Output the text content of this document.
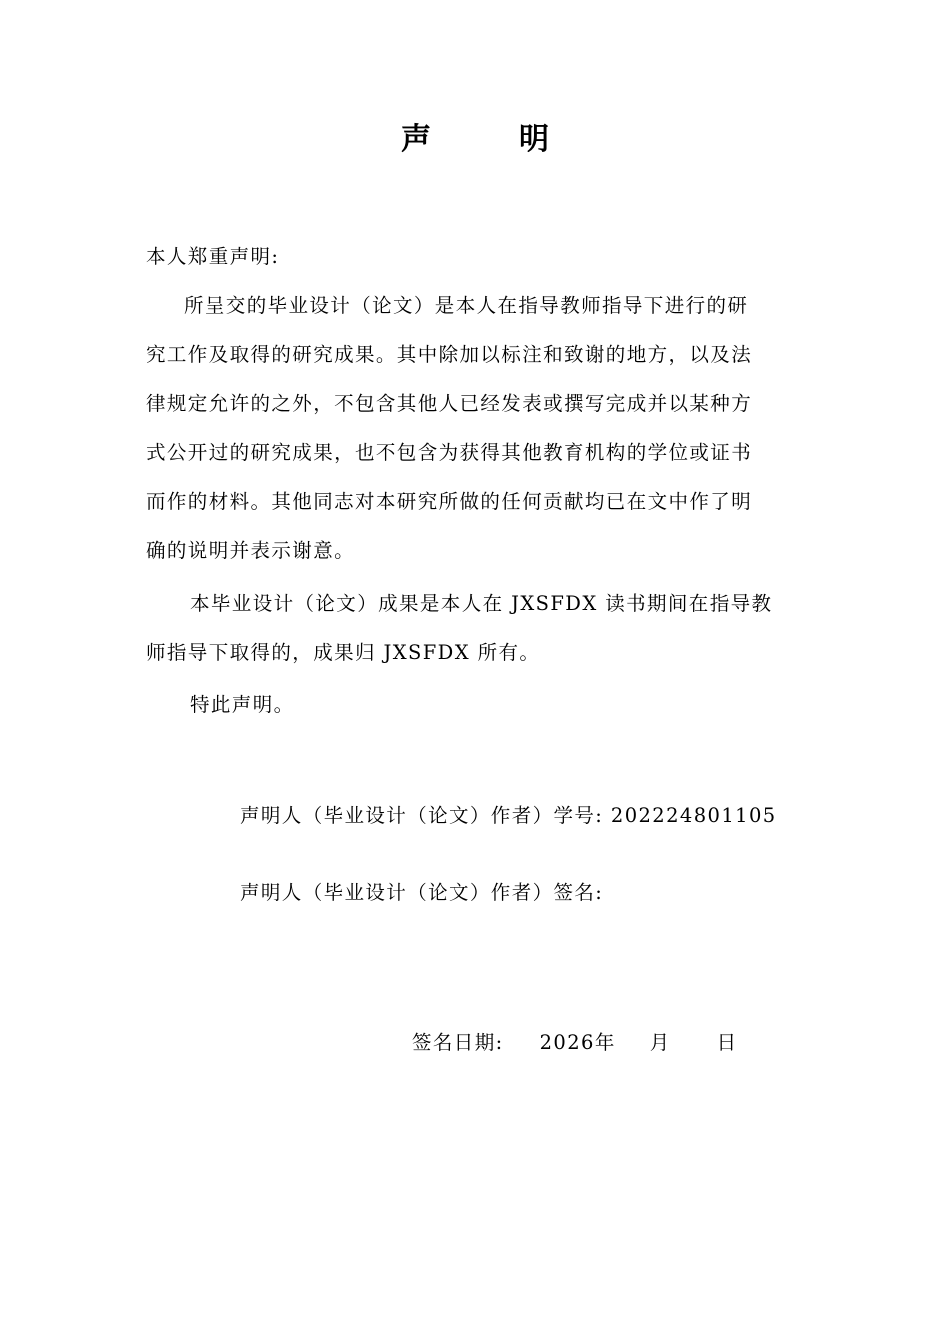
声	明
本人郑重声明:
所呈交的毕业设计（论文）是本人在指导教师指导下进行的研
究工作及取得的研究成果。其中除加以标注和致谢的地方，以及法
律规定允许的之外，不包含其他人已经发表或撰写完成并以某种方
式公开过的研究成果，也不包含为获得其他教育机构的学位或证书
而作的材料。其他同志对本研究所做的任何贡献均已在文中作了明
确的说明并表示谢意。
本毕业设计（论文）成果是本人在 JXSFDX 读书期间在指导教
师指导下取得的，成果归 JXSFDX 所有。
特此声明。
声明人（毕业设计（论文）作者）学号: 202224801105
声明人（毕业设计（论文）作者）签名:
签名日期: 2026年 月 日
